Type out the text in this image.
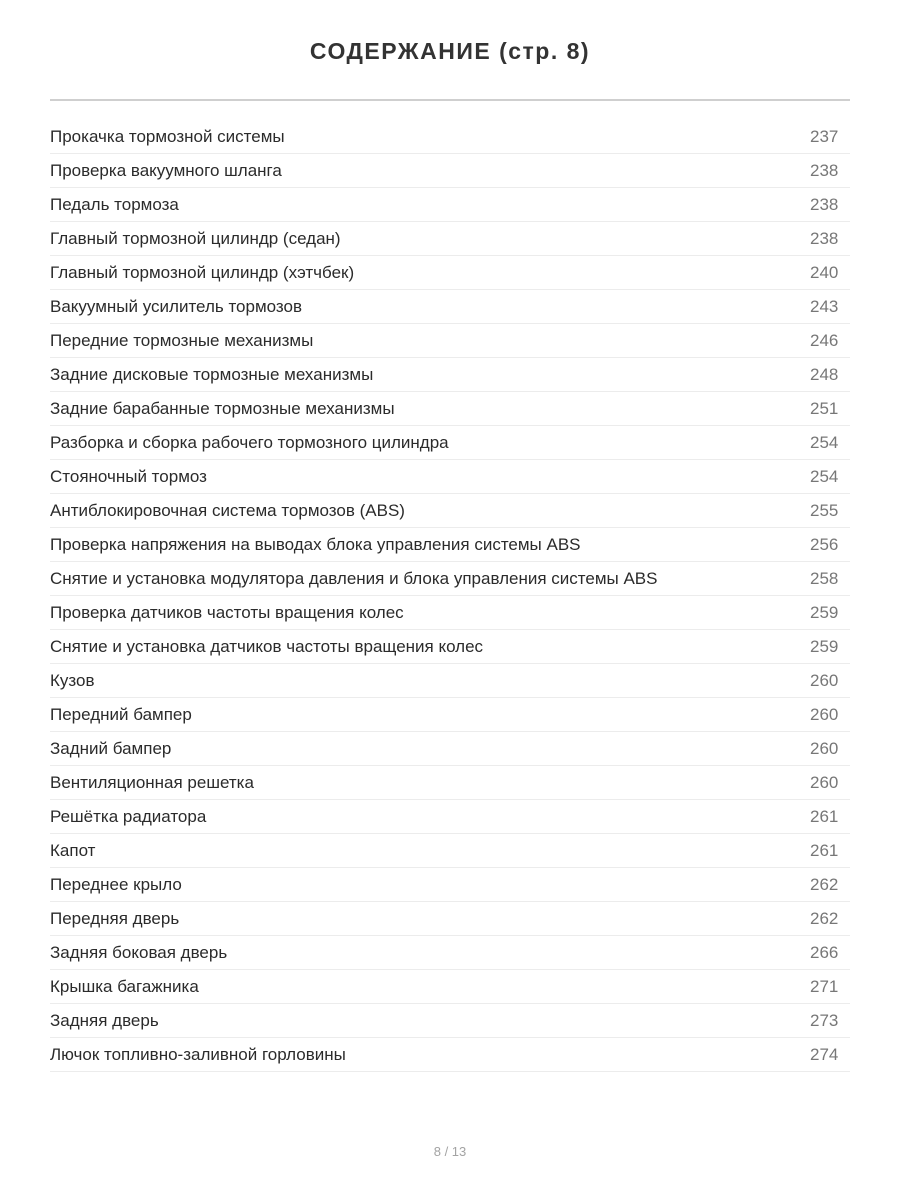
СОДЕРЖАНИЕ (стр. 8)
Прокачка тормозной системы	237
Проверка вакуумного шланга	238
Педаль тормоза	238
Главный тормозной цилиндр (седан)	238
Главный тормозной цилиндр (хэтчбек)	240
Вакуумный усилитель тормозов	243
Передние тормозные механизмы	246
Задние дисковые тормозные механизмы	248
Задние барабанные тормозные механизмы	251
Разборка и сборка рабочего тормозного цилиндра	254
Стояночный тормоз	254
Антиблокировочная система тормозов (ABS)	255
Проверка напряжения на выводах блока управления системы ABS	256
Снятие и установка модулятора давления и блока управления системы ABS	258
Проверка датчиков частоты вращения колес	259
Снятие и установка датчиков частоты вращения колес	259
Кузов	260
Передний бампер	260
Задний бампер	260
Вентиляционная решетка	260
Решётка радиатора	261
Капот	261
Переднее крыло	262
Передняя дверь	262
Задняя боковая дверь	266
Крышка багажника	271
Задняя дверь	273
Лючок топливно-заливной горловины	274
8 / 13
